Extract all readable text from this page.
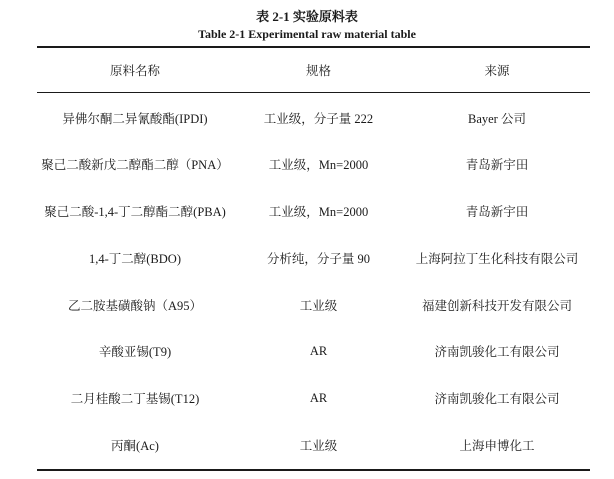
表 2-1 实验原料表
Table 2-1 Experimental raw material table
原料名称	规格	来源
异佛尔酮二异氰酸酯(IPDI)	工业级，分子量 222	Bayer 公司
聚己二酸新戊二醇酯二醇（PNA）	工业级，Mn=2000	青岛新宇田
聚己二酸-1,4-丁二醇酯二醇(PBA)	工业级，Mn=2000	青岛新宇田
1,4-丁二醇(BDO)	分析纯，分子量 90	上海阿拉丁生化科技有限公司
乙二胺基磺酸钠（A95）	工业级	福建创新科技开发有限公司
辛酸亚锡(T9)	AR	济南凯骏化工有限公司
二月桂酸二丁基锡(T12)	AR	济南凯骏化工有限公司
丙酮(Ac)	工业级	上海申博化工
